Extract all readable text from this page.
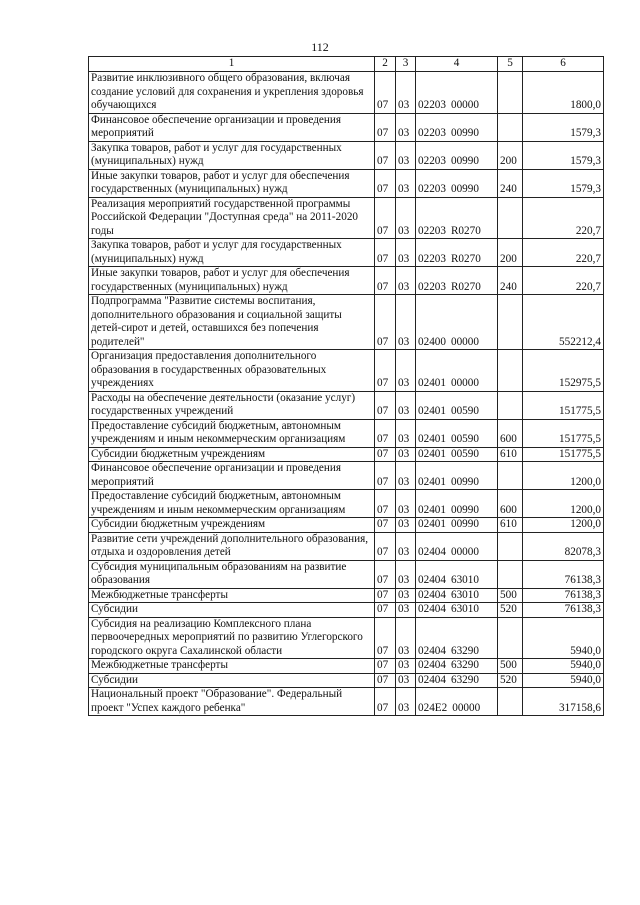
112
1	2	3	4	5	6
Развитие инклюзивного общего образования, включая создание условий для сохранения и укрепления здоровья обучающихся	07	03	02203 00000		1800,0
Финансовое обеспечение организации и проведения мероприятий	07	03	02203 00990		1579,3
Закупка товаров, работ и услуг для государственных (муниципальных) нужд	07	03	02203 00990	200	1579,3
Иные закупки товаров, работ и услуг для обеспечения государственных (муниципальных) нужд	07	03	02203 00990	240	1579,3
Реализация мероприятий государственной программы Российской Федерации "Доступная среда" на 2011-2020 годы	07	03	02203 R0270		220,7
Закупка товаров, работ и услуг для государственных (муниципальных) нужд	07	03	02203 R0270	200	220,7
Иные закупки товаров, работ и услуг для обеспечения государственных (муниципальных) нужд	07	03	02203 R0270	240	220,7
Подпрограмма "Развитие системы воспитания, дополнительного образования и социальной защиты детей-сирот и детей, оставшихся без попечения родителей"	07	03	02400 00000		552212,4
Организация предоставления дополнительного образования в государственных образовательных учреждениях	07	03	02401 00000		152975,5
Расходы на обеспечение деятельности (оказание услуг) государственных учреждений	07	03	02401 00590		151775,5
Предоставление субсидий бюджетным, автономным учреждениям и иным некоммерческим организациям	07	03	02401 00590	600	151775,5
Субсидии бюджетным учреждениям	07	03	02401 00590	610	151775,5
Финансовое обеспечение организации и проведения мероприятий	07	03	02401 00990		1200,0
Предоставление субсидий бюджетным, автономным учреждениям и иным некоммерческим организациям	07	03	02401 00990	600	1200,0
Субсидии бюджетным учреждениям	07	03	02401 00990	610	1200,0
Развитие сети учреждений дополнительного образования, отдыха и оздоровления детей	07	03	02404 00000		82078,3
Субсидия муниципальным образованиям на развитие образования	07	03	02404 63010		76138,3
Межбюджетные трансферты	07	03	02404 63010	500	76138,3
Субсидии	07	03	02404 63010	520	76138,3
Субсидия на реализацию Комплексного плана первоочередных мероприятий по развитию Углегорского городского округа Сахалинской области	07	03	02404 63290		5940,0
Межбюджетные трансферты	07	03	02404 63290	500	5940,0
Субсидии	07	03	02404 63290	520	5940,0
Национальный проект "Образование". Федеральный проект "Успех каждого ребенка"	07	03	024E2 00000		317158,6
